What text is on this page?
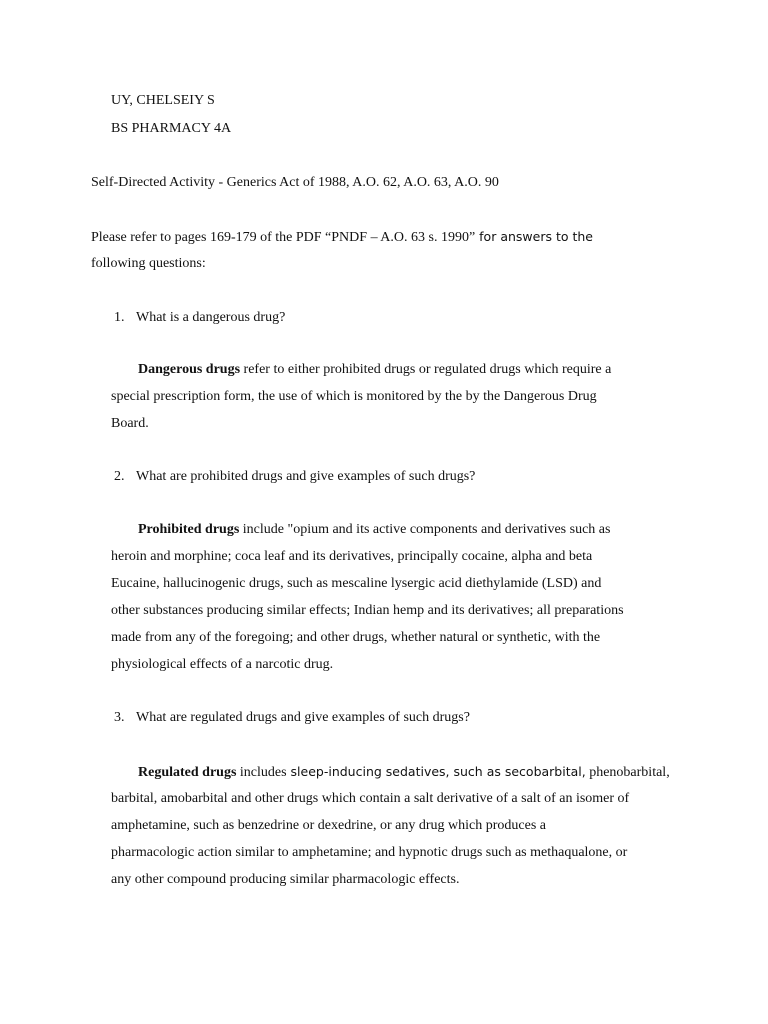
UY, CHELSEIY S
BS PHARMACY 4A
Self-Directed Activity - Generics Act of 1988, A.O. 62, A.O. 63, A.O. 90
Please refer to pages 169-179 of the PDF “PNDF – A.O. 63 s. 1990” for answers to the
following questions:
1. What is a dangerous drug?
Dangerous drugs refer to either prohibited drugs or regulated drugs which require a
special prescription form, the use of which is monitored by the by the Dangerous Drug
Board.
2. What are prohibited drugs and give examples of such drugs?
Prohibited drugs include "opium and its active components and derivatives such as
heroin and morphine; coca leaf and its derivatives, principally cocaine, alpha and beta
Eucaine, hallucinogenic drugs, such as mescaline lysergic acid diethylamide (LSD) and
other substances producing similar effects; Indian hemp and its derivatives; all preparations
made from any of the foregoing; and other drugs, whether natural or synthetic, with the
physiological effects of a narcotic drug.
3. What are regulated drugs and give examples of such drugs?
Regulated drugs includes sleep-inducing sedatives, such as secobarbital, phenobarbital,
barbital, amobarbital and other drugs which contain a salt derivative of a salt of an isomer of
amphetamine, such as benzedrine or dexedrine, or any drug which produces a
pharmacologic action similar to amphetamine; and hypnotic drugs such as methaqualone, or
any other compound producing similar pharmacologic effects.
